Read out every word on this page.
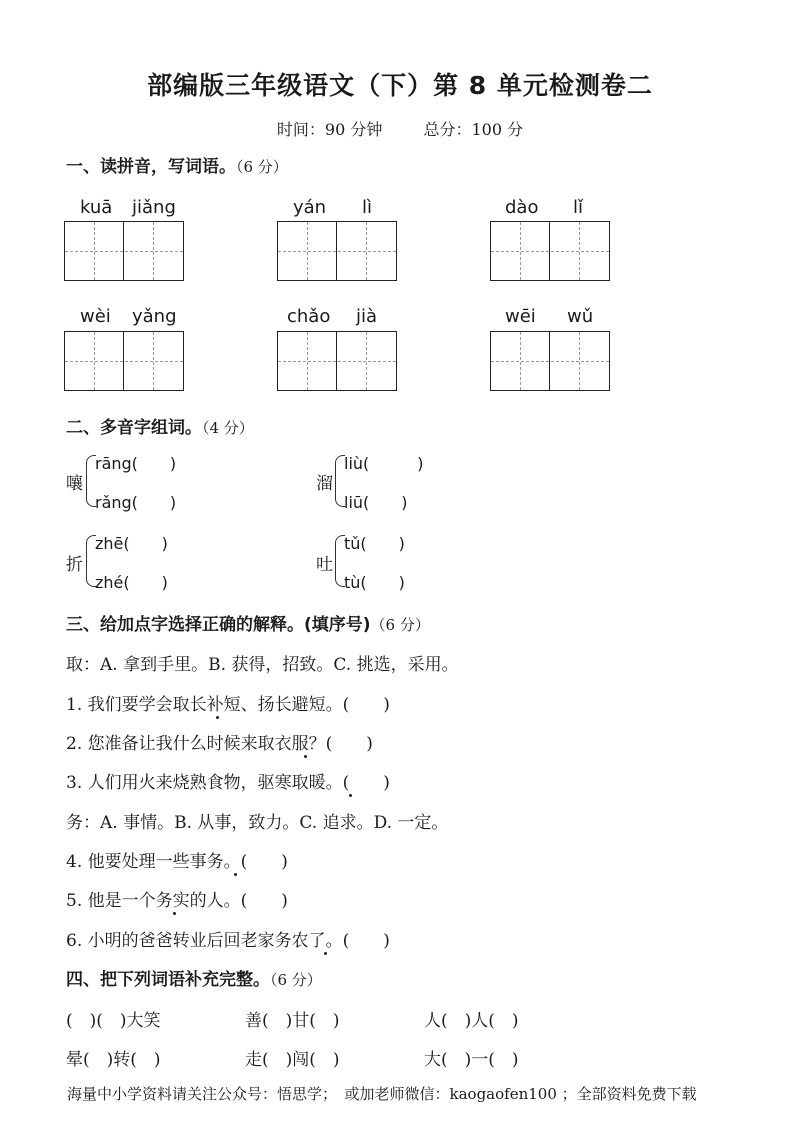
部编版三年级语文（下）第 8 单元检测卷二
时间：90 分钟	总分：100 分
一、读拼音，写词语。（6 分）
kuā jiǎng	yán lì	dào lǐ
wèi yǎng	chǎo jià	wēi wǔ
二、多音字组词。（4 分）
嚷
rāng(　　)
rǎng(　　)
溜
liù(　　　)
liū(　　)
折
zhē(　　)
zhé(　　)
吐
tǔ(　　)
tù(　　)
三、给加点字选择正确的解释。(填序号)（6 分）
取：A. 拿到手里。B. 获得，招致。C. 挑选，采用。
1. 我们要学会取长补短、扬长避短。(　　)
2. 您准备让我什么时候来取衣服？(　　)
3. 人们用火来烧熟食物，驱寒取暖。(　　)
务：A. 事情。B. 从事，致力。C. 追求。D. 一定。
4. 他要处理一些事务。(　　)
5. 他是一个务实的人。(　　)
6. 小明的爸爸转业后回老家务农了。(　　)
四、把下列词语补充完整。（6 分）
(　)(　)大笑	善(　)甘(　)	人(　)人(　)
晕(　)转(　)	走(　)闯(　)	大(　)一(　)
海量中小学资料请关注公众号：悟思学；　或加老师微信：kaogaofen100 ；全部资料免费下载
